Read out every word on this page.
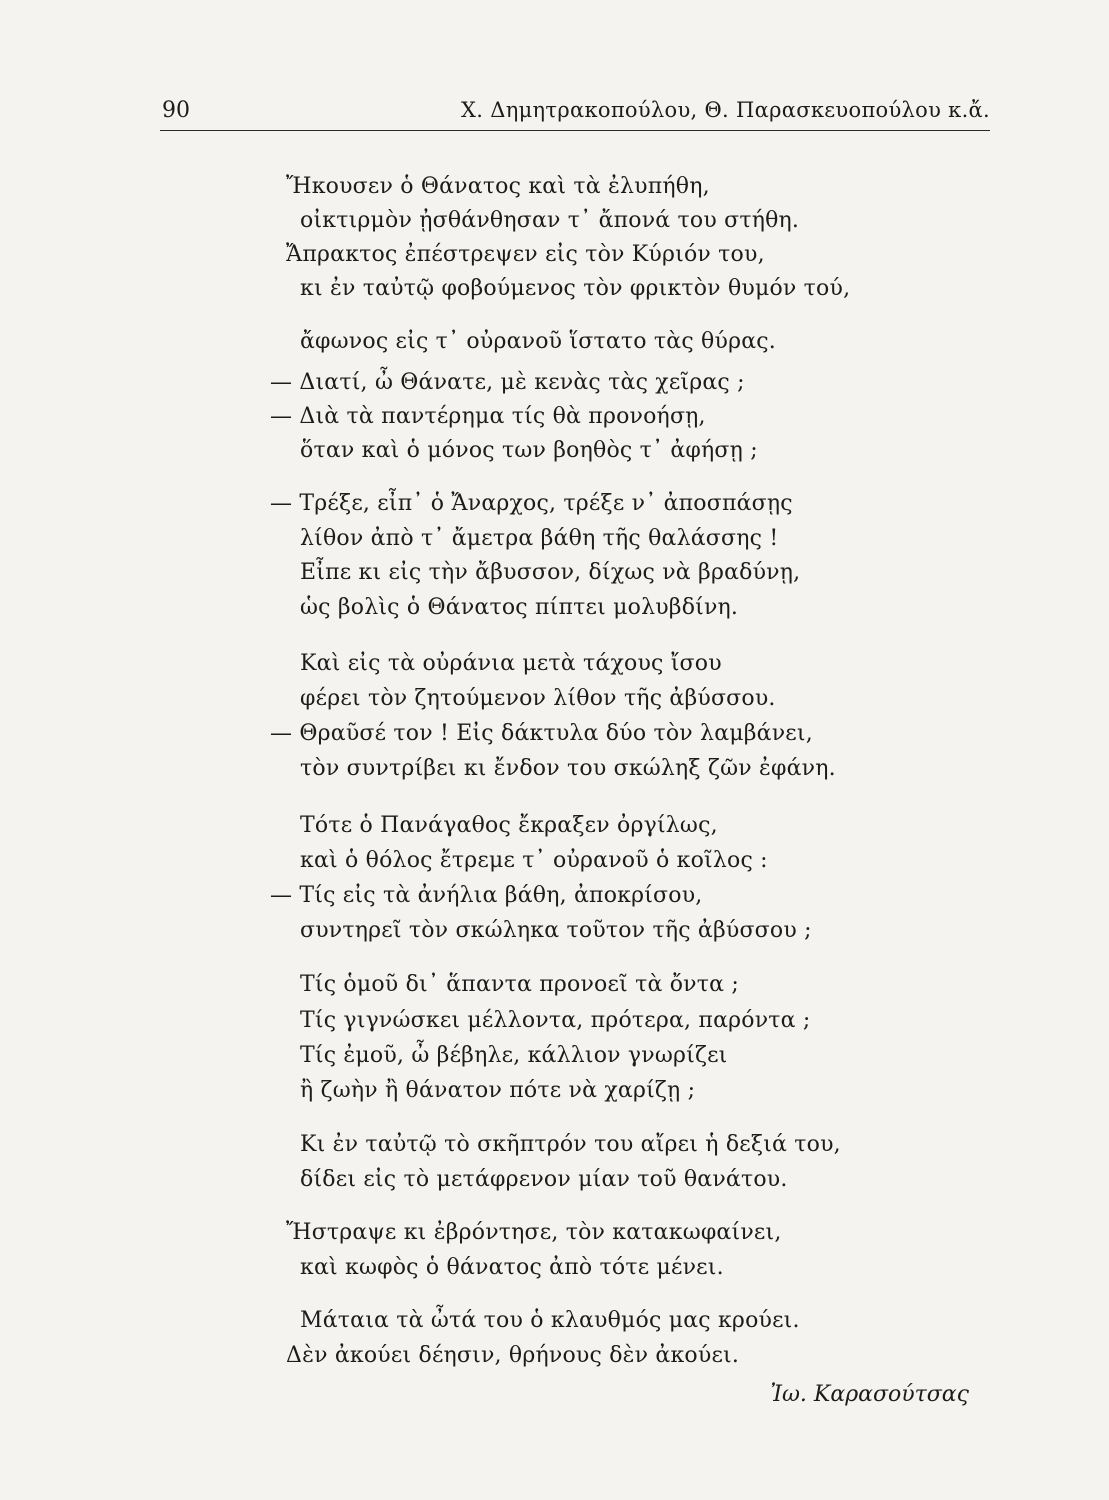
90	Χ. Δημητρακοπούλου, Θ. Παρασκευοπούλου κ.ἄ.
Ἤκουσεν ὁ Θάνατος καὶ τὰ ἐλυπήθη,
οἰκτιρμὸν ᾐσθάνθησαν τ᾽ ἄπονά του στήθη.
Ἄπρακτος ἐπέστρεψεν εἰς τὸν Κύριόν του,
κι ἐν ταὐτῷ φοβούμενος τὸν φρικτὸν θυμόν τού,
ἄφωνος εἰς τ᾽ οὐρανοῦ ἵστατο τὰς θύρας.
— Διατί, ὦ Θάνατε, μὲ κενὰς τὰς χεῖρας ;
— Διὰ τὰ παντέρημα τίς θὰ προνοήσῃ,
ὅταν καὶ ὁ μόνος των βοηθὸς τ᾽ ἀφήσῃ ;
— Τρέξε, εἶπ᾽ ὁ Ἄναρχος, τρέξε ν᾽ ἀποσπάσῃς
λίθον ἀπὸ τ᾽ ἄμετρα βάθη τῆς θαλάσσης !
Εἶπε κι εἰς τὴν ἄβυσσον, δίχως νὰ βραδύνῃ,
ὡς βολὶς ὁ Θάνατος πίπτει μολυβδίνη.
Καὶ εἰς τὰ οὐράνια μετὰ τάχους ἴσου
φέρει τὸν ζητούμενον λίθον τῆς ἀβύσσου.
— Θραῦσέ τον ! Εἰς δάκτυλα δύο τὸν λαμβάνει,
τὸν συντρίβει κι ἔνδον του σκώληξ ζῶν ἐφάνη.
Τότε ὁ Πανάγαθος ἔκραξεν ὀργίλως,
καὶ ὁ θόλος ἔτρεμε τ᾽ οὐρανοῦ ὁ κοῖλος :
— Τίς εἰς τὰ ἀνήλια βάθη, ἀποκρίσου,
συντηρεῖ τὸν σκώληκα τοῦτον τῆς ἀβύσσου ;
Τίς ὁμοῦ δι᾽ ἅπαντα προνοεῖ τὰ ὄντα ;
Τίς γιγνώσκει μέλλοντα, πρότερα, παρόντα ;
Τίς ἐμοῦ, ὦ βέβηλε, κάλλιον γνωρίζει
ἢ ζωὴν ἢ θάνατον πότε νὰ χαρίζῃ ;
Κι ἐν ταὐτῷ τὸ σκῆπτρόν του αἴρει ἡ δεξιά του,
δίδει εἰς τὸ μετάφρενον μίαν τοῦ θανάτου.
Ἤστραψε κι ἐβρόντησε, τὸν κατακωφαίνει,
καὶ κωφὸς ὁ θάνατος ἀπὸ τότε μένει.
Μάταια τὰ ὦτά του ὁ κλαυθμός μας κρούει.
Δὲν ἀκούει δέησιν, θρήνους δὲν ἀκούει.
Ἰω. Καρασούτσας
